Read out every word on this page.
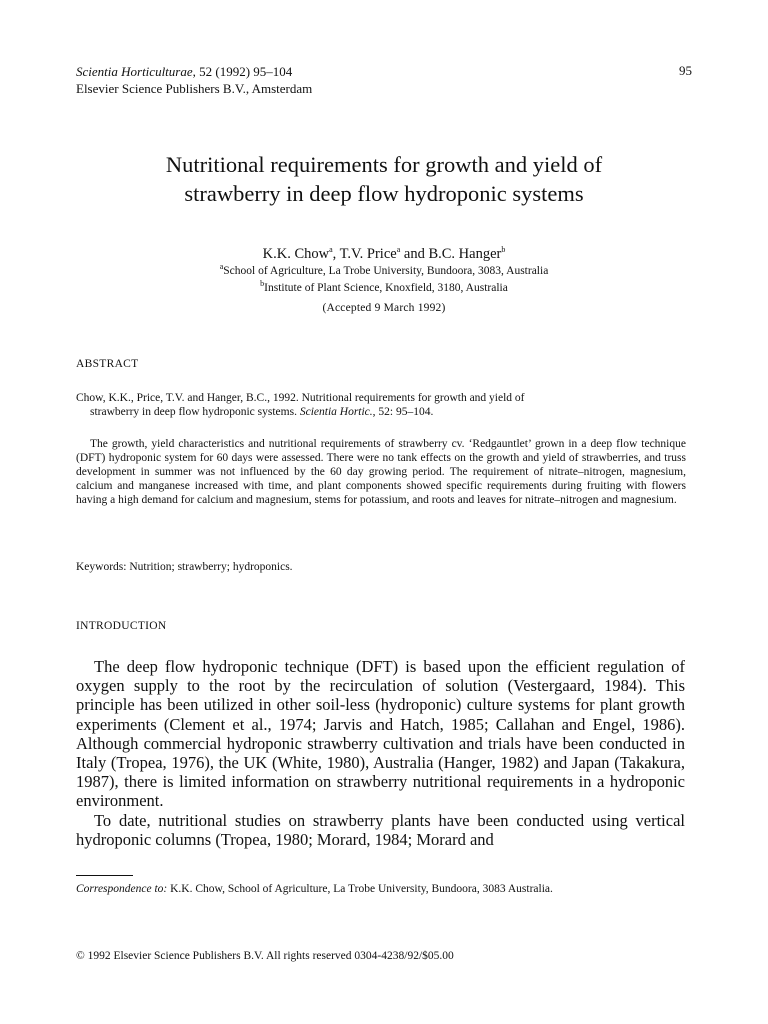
Scientia Horticulturae, 52 (1992) 95–104
Elsevier Science Publishers B.V., Amsterdam
95
Nutritional requirements for growth and yield of
strawberry in deep flow hydroponic systems
K.K. Chow$^a$, T.V. Price$^a$ and B.C. Hanger$^b$
$^a$School of Agriculture, La Trobe University, Bundoora, 3083, Australia
$^b$Institute of Plant Science, Knoxfield, 3180, Australia
(Accepted 9 March 1992)
ABSTRACT
Chow, K.K., Price, T.V. and Hanger, B.C., 1992. Nutritional requirements for growth and yield of
strawberry in deep flow hydroponic systems. Scientia Hortic., 52: 95–104.
The growth, yield characteristics and nutritional requirements of strawberry cv. ‘Redgauntlet’ grown in a deep flow technique (DFT) hydroponic system for 60 days were assessed. There were no tank effects on the growth and yield of strawberries, and truss development in summer was not influenced by the 60 day growing period. The requirement of nitrate–nitrogen, magnesium, calcium and manganese increased with time, and plant components showed specific requirements during fruiting with flowers having a high demand for calcium and magnesium, stems for potassium, and roots and leaves for nitrate–nitrogen and magnesium.
Keywords: Nutrition; strawberry; hydroponics.
INTRODUCTION

The deep flow hydroponic technique (DFT) is based upon the efficient regulation of oxygen supply to the root by the recirculation of solution (Vestergaard, 1984). This principle has been utilized in other soil-less (hydroponic) culture systems for plant growth experiments (Clement et al., 1974; Jarvis and Hatch, 1985; Callahan and Engel, 1986). Although commercial hydroponic strawberry cultivation and trials have been conducted in Italy (Tropea, 1976), the UK (White, 1980), Australia (Hanger, 1982) and Japan (Takakura, 1987), there is limited information on strawberry nutritional requirements in a hydroponic environment.

To date, nutritional studies on strawberry plants have been conducted using vertical hydroponic columns (Tropea, 1980; Morard, 1984; Morard and

Correspondence to: K.K. Chow, School of Agriculture, La Trobe University, Bundoora, 3083 Australia.
© 1992 Elsevier Science Publishers B.V. All rights reserved 0304-4238/92/$05.00
